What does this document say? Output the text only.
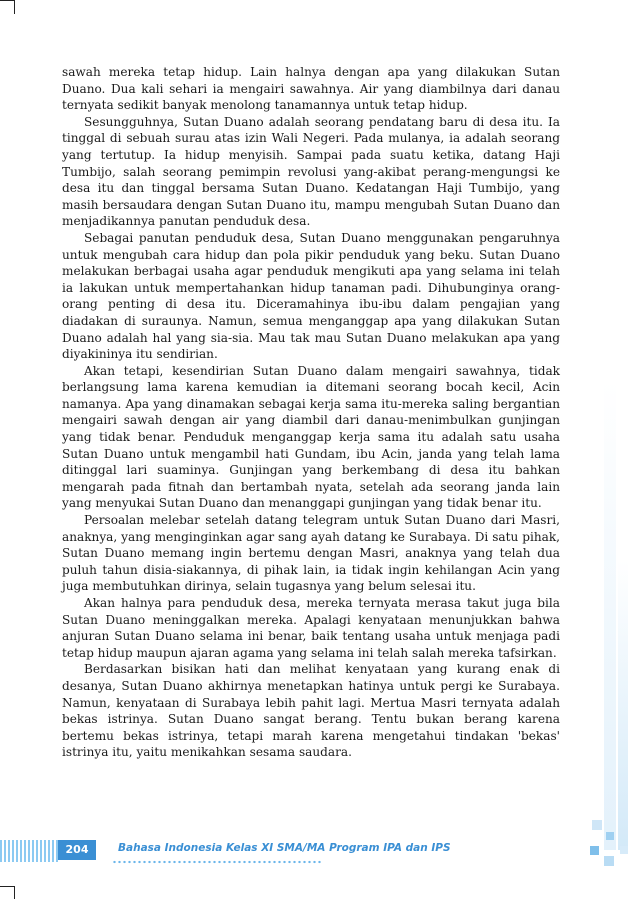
sawah mereka tetap hidup. Lain halnya dengan apa yang dilakukan Sutan Duano. Dua kali sehari ia mengairi sawahnya. Air yang diambilnya dari danau ternyata sedikit banyak menolong tanamannya untuk tetap hidup.

Sesungguhnya, Sutan Duano adalah seorang pendatang baru di desa itu. Ia tinggal di sebuah surau atas izin Wali Negeri. Pada mulanya, ia adalah seorang yang tertutup. Ia hidup menyisih. Sampai pada suatu ketika, datang Haji Tumbijo, salah seorang pemimpin revolusi yang-akibat perang-mengungsi ke desa itu dan tinggal bersama Sutan Duano. Kedatangan Haji Tumbijo, yang masih bersaudara dengan Sutan Duano itu, mampu mengubah Sutan Duano dan menjadikannya panutan penduduk desa.

Sebagai panutan penduduk desa, Sutan Duano menggunakan pengaruhnya untuk mengubah cara hidup dan pola pikir penduduk yang beku. Sutan Duano melakukan berbagai usaha agar penduduk mengikuti apa yang selama ini telah ia lakukan untuk mempertahankan hidup tanaman padi. Dihubunginya orang-orang penting di desa itu. Diceramahinya ibu-ibu dalam pengajian yang diadakan di suraunya. Namun, semua menganggap apa yang dilakukan Sutan Duano adalah hal yang sia-sia. Mau tak mau Sutan Duano melakukan apa yang diyakininya itu sendirian.

Akan tetapi, kesendirian Sutan Duano dalam mengairi sawahnya, tidak berlangsung lama karena kemudian ia ditemani seorang bocah kecil, Acin namanya. Apa yang dinamakan sebagai kerja sama itu-mereka saling bergantian mengairi sawah dengan air yang diambil dari danau-menimbulkan gunjingan yang tidak benar. Penduduk menganggap kerja sama itu adalah satu usaha Sutan Duano untuk mengambil hati Gundam, ibu Acin, janda yang telah lama ditinggal lari suaminya. Gunjingan yang berkembang di desa itu bahkan mengarah pada fitnah dan bertambah nyata, setelah ada seorang janda lain yang menyukai Sutan Duano dan menanggapi gunjingan yang tidak benar itu.

Persoalan melebar setelah datang telegram untuk Sutan Duano dari Masri, anaknya, yang menginginkan agar sang ayah datang ke Surabaya. Di satu pihak, Sutan Duano memang ingin bertemu dengan Masri, anaknya yang telah dua puluh tahun disia-siakannya, di pihak lain, ia tidak ingin kehilangan Acin yang juga membutuhkan dirinya, selain tugasnya yang belum selesai itu.

Akan halnya para penduduk desa, mereka ternyata merasa takut juga bila Sutan Duano meninggalkan mereka. Apalagi kenyataan menunjukkan bahwa anjuran Sutan Duano selama ini benar, baik tentang usaha untuk menjaga padi tetap hidup maupun ajaran agama yang selama ini telah salah mereka tafsirkan.

Berdasarkan bisikan hati dan melihat kenyataan yang kurang enak di desanya, Sutan Duano akhirnya menetapkan hatinya untuk pergi ke Surabaya. Namun, kenyataan di Surabaya lebih pahit lagi. Mertua Masri ternyata adalah bekas istrinya. Sutan Duano sangat berang. Tentu bukan berang karena bertemu bekas istrinya, tetapi marah karena mengetahui tindakan 'bekas' istrinya itu, yaitu menikahkan sesama saudara.

204	Bahasa Indonesia Kelas XI SMA/MA Program IPA dan IPS
